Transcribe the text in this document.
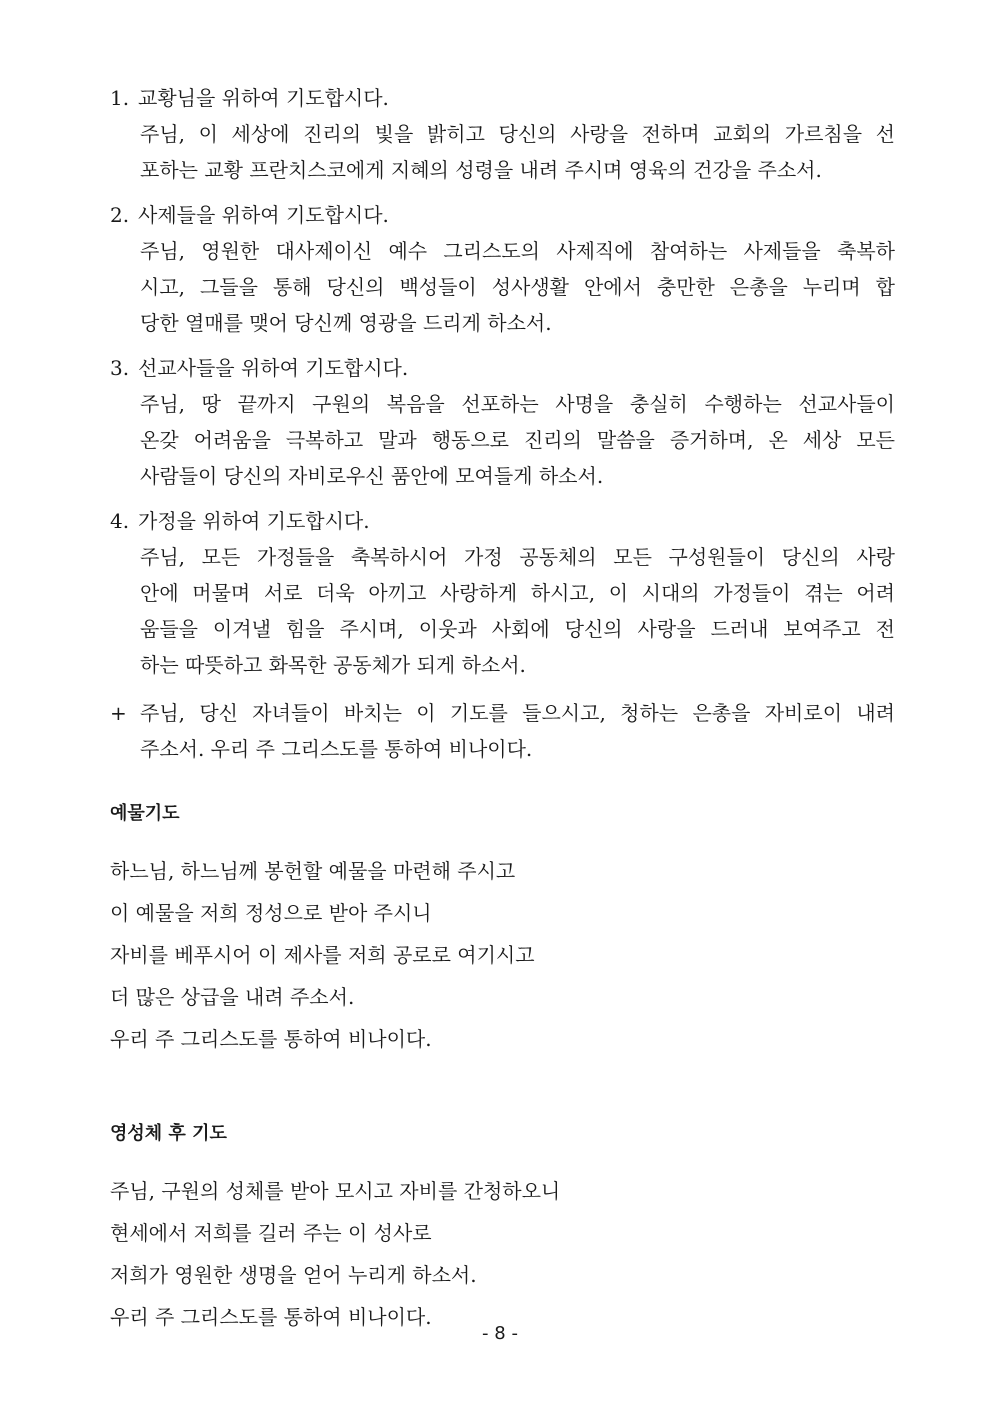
1. 교황님을 위하여 기도합시다.
주님, 이 세상에 진리의 빛을 밝히고 당신의 사랑을 전하며 교회의 가르침을 선
포하는 교황 프란치스코에게 지혜의 성령을 내려 주시며 영육의 건강을 주소서.
2. 사제들을 위하여 기도합시다.
주님, 영원한 대사제이신 예수 그리스도의 사제직에 참여하는 사제들을 축복하
시고, 그들을 통해 당신의 백성들이 성사생활 안에서 충만한 은총을 누리며 합
당한 열매를 맺어 당신께 영광을 드리게 하소서.
3. 선교사들을 위하여 기도합시다.
주님, 땅 끝까지 구원의 복음을 선포하는 사명을 충실히 수행하는 선교사들이
온갖 어려움을 극복하고 말과 행동으로 진리의 말씀을 증거하며, 온 세상 모든
사람들이 당신의 자비로우신 품안에 모여들게 하소서.
4. 가정을 위하여 기도합시다.
주님, 모든 가정들을 축복하시어 가정 공동체의 모든 구성원들이 당신의 사랑
안에 머물며 서로 더욱 아끼고 사랑하게 하시고, 이 시대의 가정들이 겪는 어려
움들을 이겨낼 힘을 주시며, 이웃과 사회에 당신의 사랑을 드러내 보여주고 전
하는 따뜻하고 화목한 공동체가 되게 하소서.
+ 주님, 당신 자녀들이 바치는 이 기도를 들으시고, 청하는 은총을 자비로이 내려
주소서. 우리 주 그리스도를 통하여 비나이다.
예물기도
하느님, 하느님께 봉헌할 예물을 마련해 주시고
이 예물을 저희 정성으로 받아 주시니
자비를 베푸시어 이 제사를 저희 공로로 여기시고
더 많은 상급을 내려 주소서.
우리 주 그리스도를 통하여 비나이다.
영성체 후 기도
주님, 구원의 성체를 받아 모시고 자비를 간청하오니
현세에서 저희를 길러 주는 이 성사로
저희가 영원한 생명을 얻어 누리게 하소서.
우리 주 그리스도를 통하여 비나이다.
- 8 -
